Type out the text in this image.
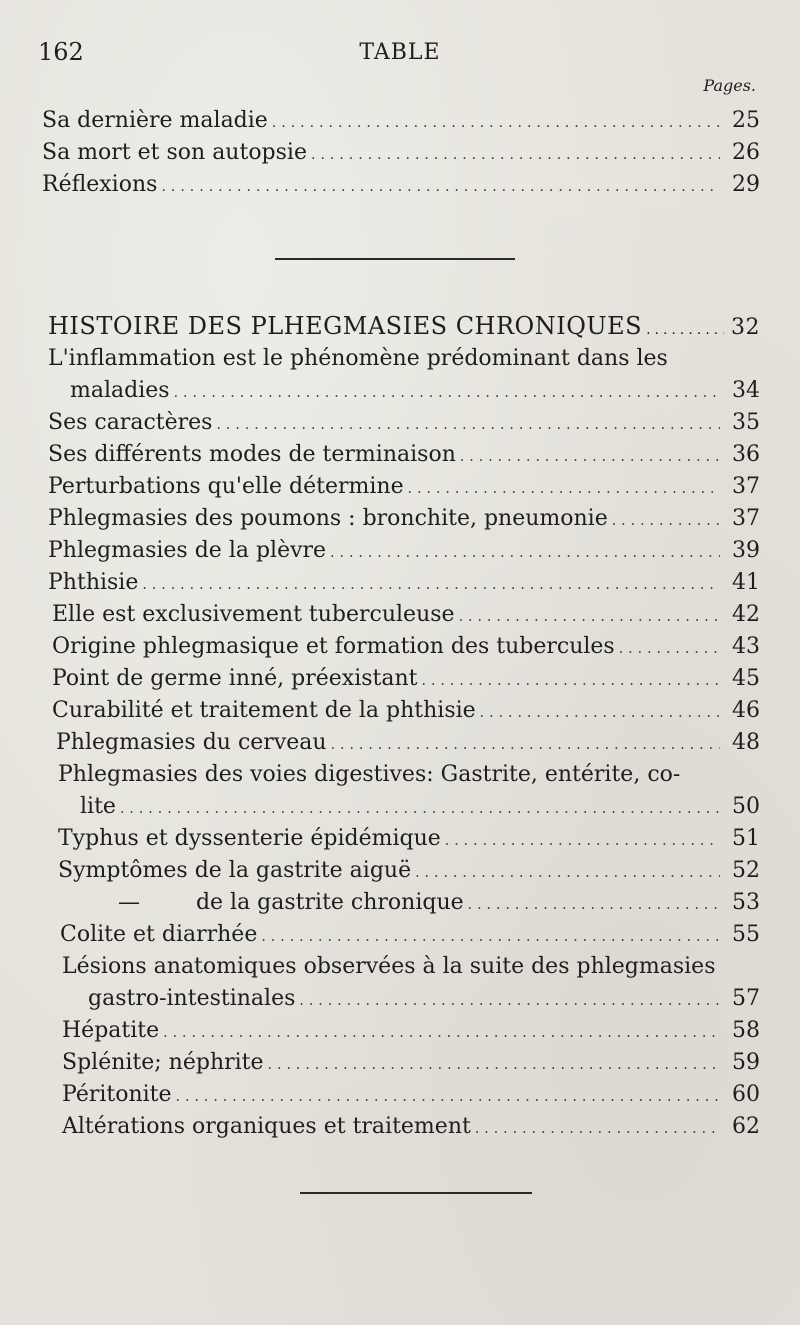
162	TABLE
Pages.
Sa dernière maladie .....	25
Sa mort et son autopsie .....	26
Réflexions .....	29
HISTOIRE DES PLHEGMASIES CHRONIQUES .....	32
L'inflammation est le phénomène prédominant dans les
maladies .....	34
Ses caractères .....	35
Ses différents modes de terminaison .....	36
Perturbations qu'elle détermine .....	37
Phlegmasies des poumons : bronchite, pneumonie .....	37
Phlegmasies de la plèvre .....	39
Phthisie .....	41
Elle est exclusivement tuberculeuse .....	42
Origine phlegmasique et formation des tubercules .....	43
Point de germe inné, préexistant .....	45
Curabilité et traitement de la phthisie .....	46
Phlegmasies du cerveau .....	48
Phlegmasies des voies digestives: Gastrite, entérite, co-
lite .....	50
Typhus et dyssenterie épidémique .....	51
Symptômes de la gastrite aiguë .....	52
—        de la gastrite chronique .....	53
Colite et diarrhée .....	55
Lésions anatomiques observées à la suite des phlegmasies
gastro-intestinales .....	57
Hépatite .....	58
Splénite; néphrite .....	59
Péritonite .....	60
Altérations organiques et traitement .....	62
